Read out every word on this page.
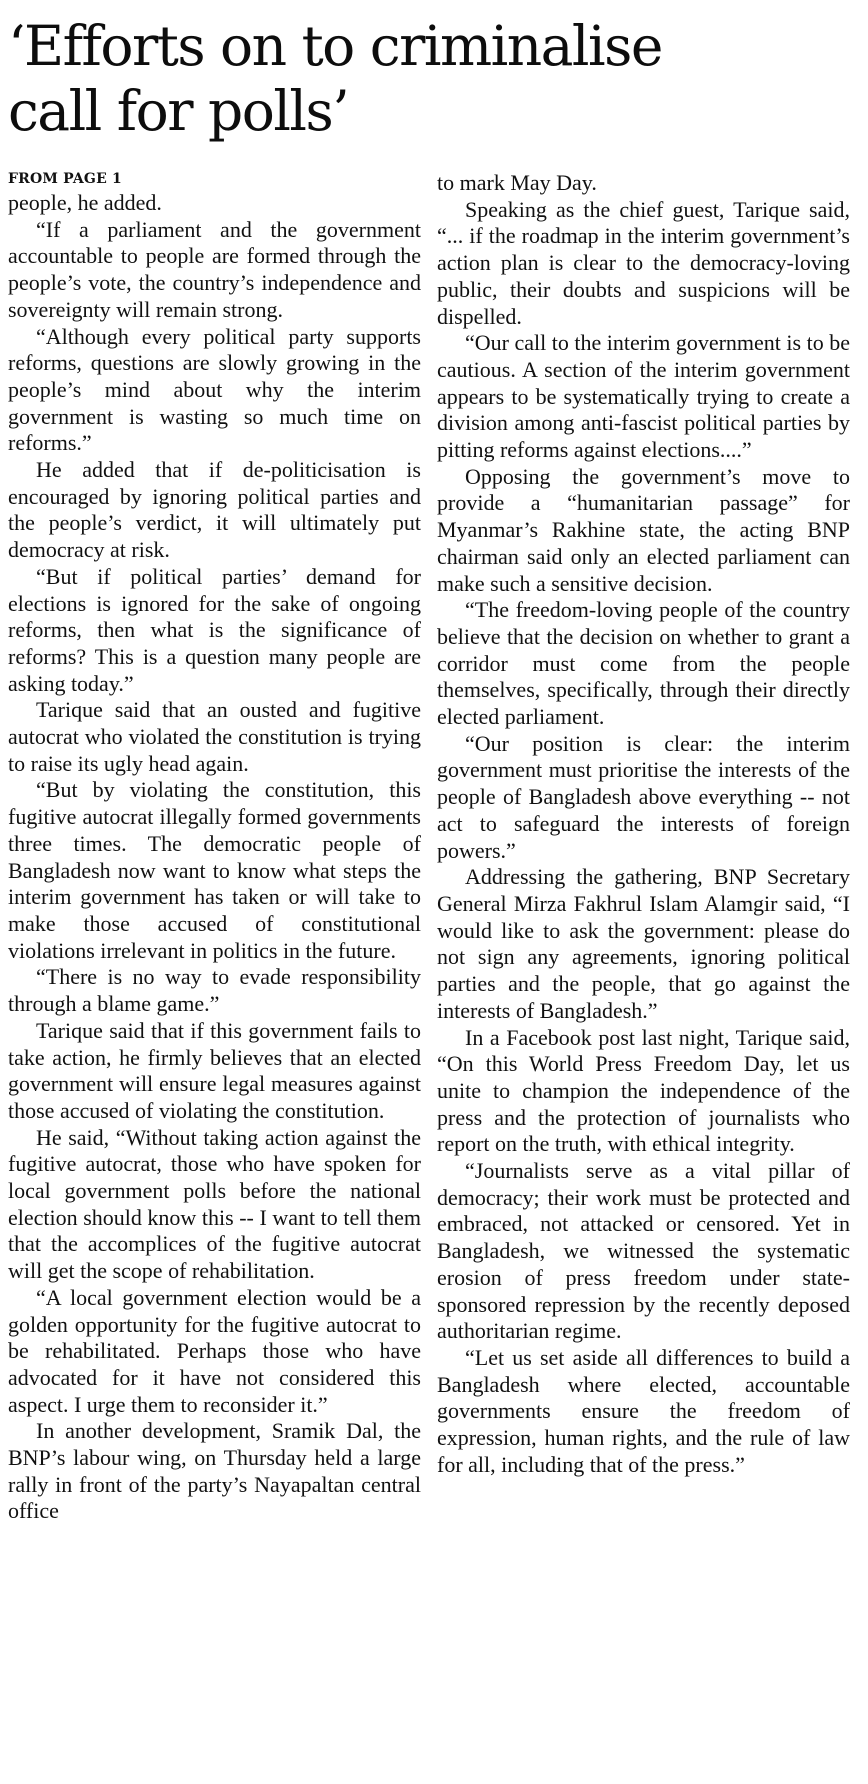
‘Efforts on to criminalise call for polls’
FROM PAGE 1

people, he added.

“If a parliament and the government accountable to people are formed through the people’s vote, the country’s independence and sovereignty will remain strong.

“Although every political party supports reforms, questions are slowly growing in the people’s mind about why the interim government is wasting so much time on reforms.”

He added that if de-politicisation is encouraged by ignoring political parties and the people’s verdict, it will ultimately put democracy at risk.

“But if political parties’ demand for elections is ignored for the sake of ongoing reforms, then what is the significance of reforms? This is a question many people are asking today.”

Tarique said that an ousted and fugitive autocrat who violated the constitution is trying to raise its ugly head again.

“But by violating the constitution, this fugitive autocrat illegally formed governments three times. The democratic people of Bangladesh now want to know what steps the interim government has taken or will take to make those accused of constitutional violations irrelevant in politics in the future.

“There is no way to evade responsibility through a blame game.”

Tarique said that if this government fails to take action, he firmly believes that an elected government will ensure legal measures against those accused of violating the constitution.

He said, “Without taking action against the fugitive autocrat, those who have spoken for local government polls before the national election should know this -- I want to tell them that the accomplices of the fugitive autocrat will get the scope of rehabilitation.

“A local government election would be a golden opportunity for the fugitive autocrat to be rehabilitated. Perhaps those who have advocated for it have not considered this aspect. I urge them to reconsider it.”

In another development, Sramik Dal, the BNP’s labour wing, on Thursday held a large rally in front of the party’s Nayapaltan central office

to mark May Day.

Speaking as the chief guest, Tarique said, “... if the roadmap in the interim government’s action plan is clear to the democracy-loving public, their doubts and suspicions will be dispelled.

“Our call to the interim government is to be cautious. A section of the interim government appears to be systematically trying to create a division among anti-fascist political parties by pitting reforms against elections....”

Opposing the government’s move to provide a “humanitarian passage” for Myanmar’s Rakhine state, the acting BNP chairman said only an elected parliament can make such a sensitive decision.

“The freedom-loving people of the country believe that the decision on whether to grant a corridor must come from the people themselves, specifically, through their directly elected parliament.

“Our position is clear: the interim government must prioritise the interests of the people of Bangladesh above everything -- not act to safeguard the interests of foreign powers.”

Addressing the gathering, BNP Secretary General Mirza Fakhrul Islam Alamgir said, “I would like to ask the government: please do not sign any agreements, ignoring political parties and the people, that go against the interests of Bangladesh.”

In a Facebook post last night, Tarique said, “On this World Press Freedom Day, let us unite to champion the independence of the press and the protection of journalists who report on the truth, with ethical integrity.

“Journalists serve as a vital pillar of democracy; their work must be protected and embraced, not attacked or censored. Yet in Bangladesh, we witnessed the systematic erosion of press freedom under state-sponsored repression by the recently deposed authoritarian regime.

“Let us set aside all differences to build a Bangladesh where elected, accountable governments ensure the freedom of expression, human rights, and the rule of law for all, including that of the press.”
